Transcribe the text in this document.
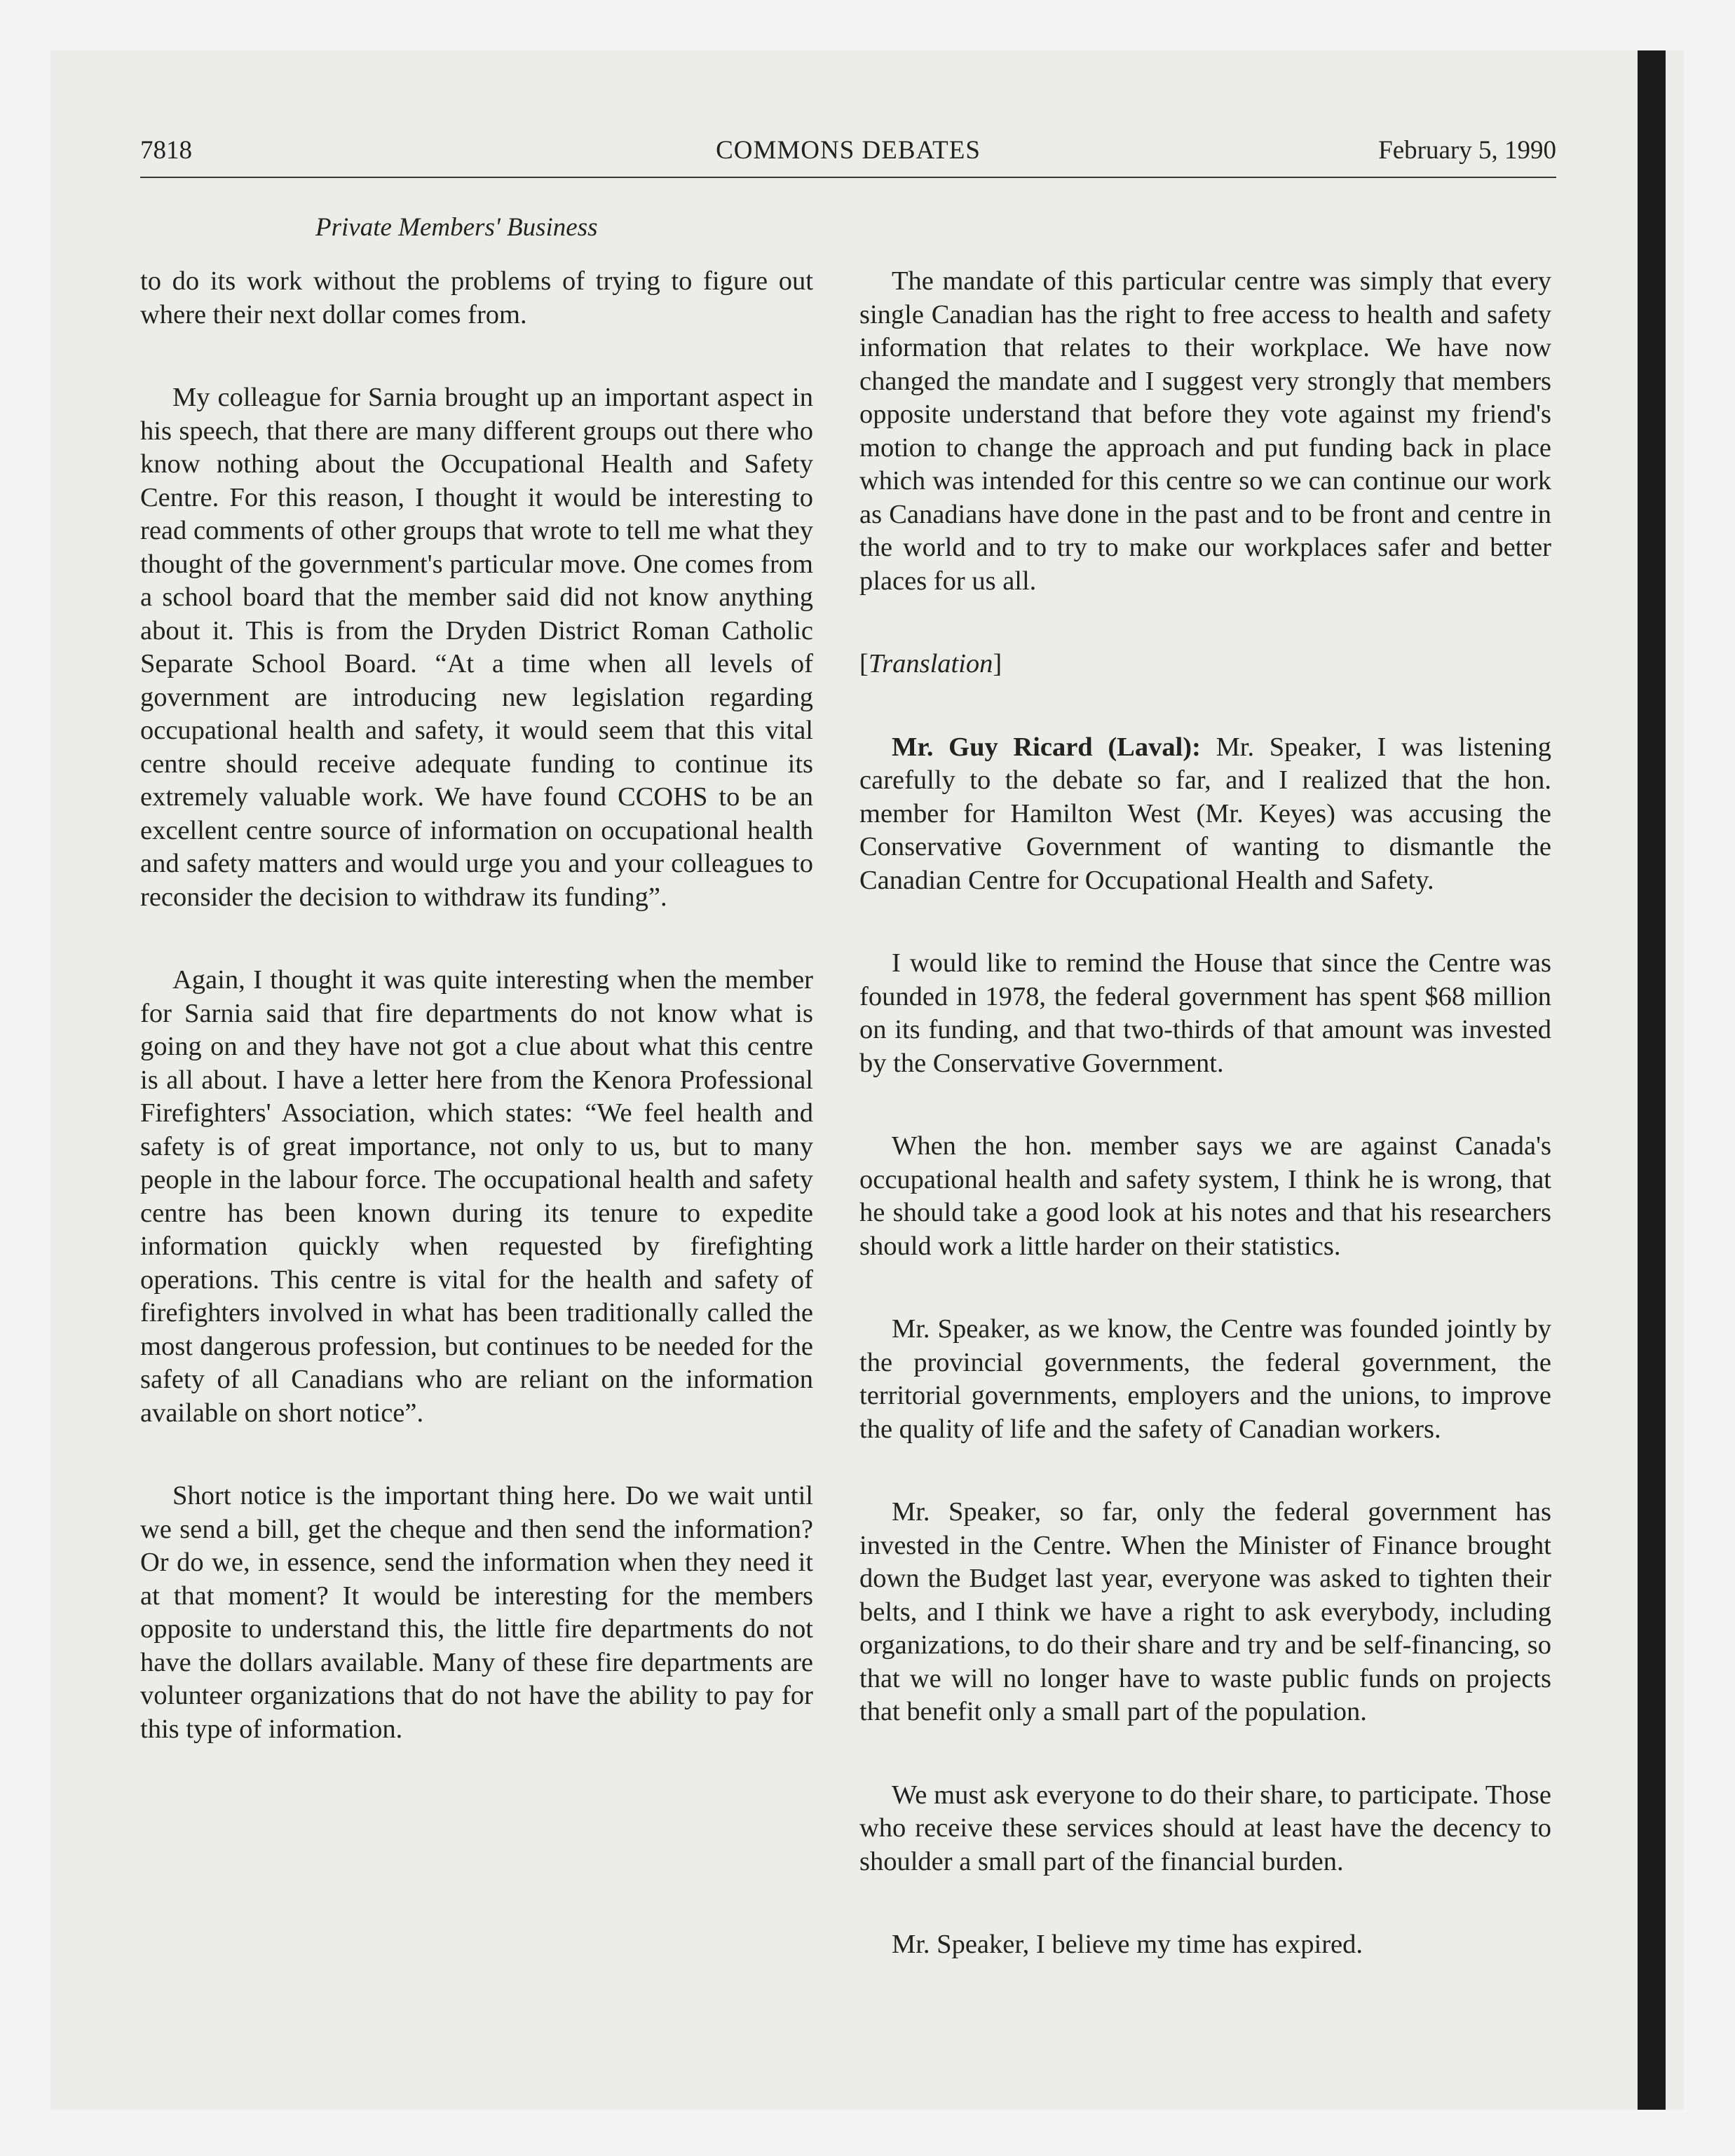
7818	COMMONS DEBATES	February 5, 1990
Private Members' Business

to do its work without the problems of trying to figure out where their next dollar comes from.

My colleague for Sarnia brought up an important aspect in his speech, that there are many different groups out there who know nothing about the Occupational Health and Safety Centre. For this reason, I thought it would be interesting to read comments of other groups that wrote to tell me what they thought of the government's particular move. One comes from a school board that the member said did not know anything about it. This is from the Dryden District Roman Catholic Separate School Board. “At a time when all levels of government are introducing new legislation regarding occupational health and safety, it would seem that this vital centre should receive adequate funding to continue its extremely valuable work. We have found CCOHS to be an excellent centre source of information on occupational health and safety matters and would urge you and your colleagues to reconsider the decision to withdraw its funding”.

Again, I thought it was quite interesting when the member for Sarnia said that fire departments do not know what is going on and they have not got a clue about what this centre is all about. I have a letter here from the Kenora Professional Firefighters' Association, which states: “We feel health and safety is of great importance, not only to us, but to many people in the labour force. The occupational health and safety centre has been known during its tenure to expedite information quickly when requested by firefighting operations. This centre is vital for the health and safety of firefighters involved in what has been traditionally called the most dangerous profession, but continues to be needed for the safety of all Canadians who are reliant on the information available on short notice”.

Short notice is the important thing here. Do we wait until we send a bill, get the cheque and then send the information? Or do we, in essence, send the information when they need it at that moment? It would be interesting for the members opposite to understand this, the little fire departments do not have the dollars available. Many of these fire departments are volunteer organizations that do not have the ability to pay for this type of information.

The mandate of this particular centre was simply that every single Canadian has the right to free access to health and safety information that relates to their workplace. We have now changed the mandate and I suggest very strongly that members opposite understand that before they vote against my friend's motion to change the approach and put funding back in place which was intended for this centre so we can continue our work as Canadians have done in the past and to be front and centre in the world and to try to make our workplaces safer and better places for us all.

[Translation]

Mr. Guy Ricard (Laval): Mr. Speaker, I was listening carefully to the debate so far, and I realized that the hon. member for Hamilton West (Mr. Keyes) was accusing the Conservative Government of wanting to dismantle the Canadian Centre for Occupational Health and Safety.

I would like to remind the House that since the Centre was founded in 1978, the federal government has spent $68 million on its funding, and that two-thirds of that amount was invested by the Conservative Government.

When the hon. member says we are against Canada's occupational health and safety system, I think he is wrong, that he should take a good look at his notes and that his researchers should work a little harder on their statistics.

Mr. Speaker, as we know, the Centre was founded jointly by the provincial governments, the federal government, the territorial governments, employers and the unions, to improve the quality of life and the safety of Canadian workers.

Mr. Speaker, so far, only the federal government has invested in the Centre. When the Minister of Finance brought down the Budget last year, everyone was asked to tighten their belts, and I think we have a right to ask everybody, including organizations, to do their share and try and be self-financing, so that we will no longer have to waste public funds on projects that benefit only a small part of the population.

We must ask everyone to do their share, to participate. Those who receive these services should at least have the decency to shoulder a small part of the financial burden.

Mr. Speaker, I believe my time has expired.
